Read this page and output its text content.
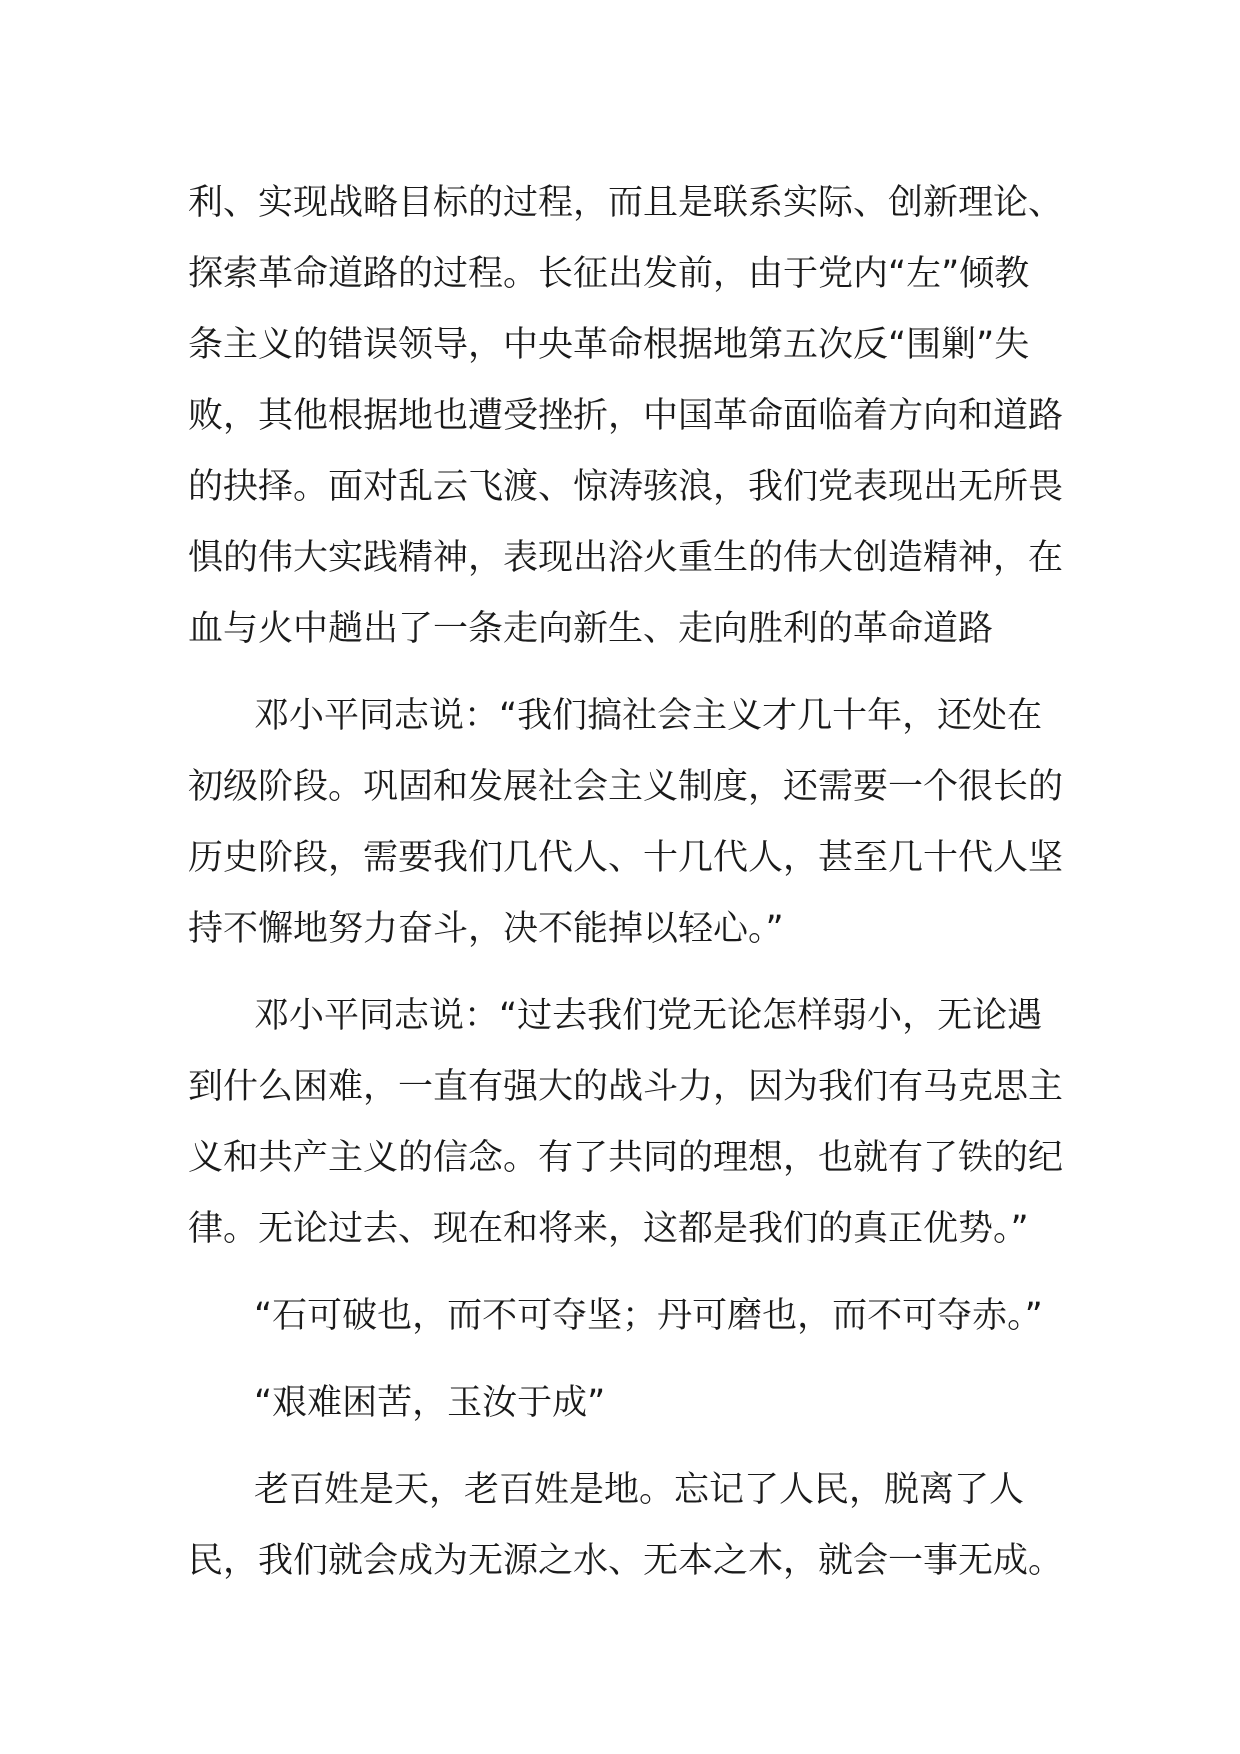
利、实现战略目标的过程，而且是联系实际、创新理论、
探索革命道路的过程。长征出发前，由于党内“左”倾教
条主义的错误领导，中央革命根据地第五次反“围剿”失
败，其他根据地也遭受挫折，中国革命面临着方向和道路
的抉择。面对乱云飞渡、惊涛骇浪，我们党表现出无所畏
惧的伟大实践精神，表现出浴火重生的伟大创造精神，在
血与火中趟出了一条走向新生、走向胜利的革命道路

邓小平同志说：“我们搞社会主义才几十年，还处在
初级阶段。巩固和发展社会主义制度，还需要一个很长的
历史阶段，需要我们几代人、十几代人，甚至几十代人坚
持不懈地努力奋斗，决不能掉以轻心。”

邓小平同志说：“过去我们党无论怎样弱小，无论遇
到什么困难，一直有强大的战斗力，因为我们有马克思主
义和共产主义的信念。有了共同的理想，也就有了铁的纪
律。无论过去、现在和将来，这都是我们的真正优势。”

“石可破也，而不可夺坚；丹可磨也，而不可夺赤。”

“艰难困苦，玉汝于成”

老百姓是天，老百姓是地。忘记了人民，脱离了人
民，我们就会成为无源之水、无本之木，就会一事无成。
